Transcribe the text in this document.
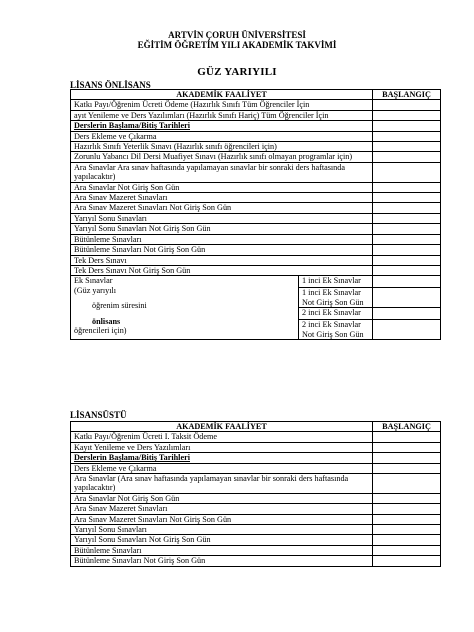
ARTVİN ÇORUH ÜNİVERSİTESİ
EĞİTİM ÖĞRETİM YILI AKADEMİK TAKVİMİ
GÜZ YARIYILI
LİSANS ÖNLİSANS
AKADEMİK FAALİYET		BAŞLANGIÇ	
Katkı Payı/Öğrenim Ücreti Ödeme (Hazırlık Sınıfı Tüm Öğrenciler İçin			
ayıt Yenileme ve Ders Yazılımları (Hazırlık Sınıfı Hariç) Tüm Öğrenciler İçin			
Derslerin Başlama/Bitiş Tarihleri			
Ders Ekleme ve Çıkarma			
Hazırlık Sınıfı Yeterlik Sınavı (Hazırlık sınıfı öğrencileri için)			
Zorunlu Yabancı Dil Dersi Muafiyet Sınavı (Hazırlık sınıfı olmayan programlar için)			
Ara Sınavlar Ara sınav haftasında yapılamayan sınavlar bir sonraki ders haftasında yapılacaktır)			
Ara Sınavlar Not Giriş Son Gün			
Ara Sınav Mazeret Sınavları			
Ara Sınav Mazeret Sınavları Not Giriş Son Gün			
Yarıyıl Sonu Sınavları			
Yarıyıl Sonu Sınavları Not Giriş Son Gün			
Bütünleme Sınavları			
Bütünleme Sınavları Not Giriş Son Gün			
Tek Ders Sınavı			
Tek Ders Sınavı Not Giriş Son Gün			

Ek Sınavlar
(Güz yarıyılı
öğrenim süresini
önlisans
öğrencileri için)	1 inci Ek Sınavlar		
	1 inci Ek Sınavlar Not Giriş Son Gün		
	2 inci Ek Sınavlar		
	2 inci Ek Sınavlar Not Giriş Son Gün		
LİSANSÜSTÜ
AKADEMİK FAALİYET	BAŞLANGIÇ	
Katkı Payı/Öğrenim Ücreti I. Taksit Ödeme		
Kayıt Yenileme ve Ders Yazılımları		
Derslerin Başlama/Bitiş Tarihleri		
Ders Ekleme ve Çıkarma		
Ara Sınavlar (Ara sınav haftasında yapılamayan sınavlar bir sonraki ders haftasında yapılacaktır)		
Ara Sınavlar Not Giriş Son Gün		
Ara Sınav Mazeret Sınavları		
Ara Sınav Mazeret Sınavları Not Giriş Son Gün		
Yarıyıl Sonu Sınavları		
Yarıyıl Sonu Sınavları Not Giriş Son Gün		
Bütünleme Sınavları		
Bütünleme Sınavları Not Giriş Son Gün		
